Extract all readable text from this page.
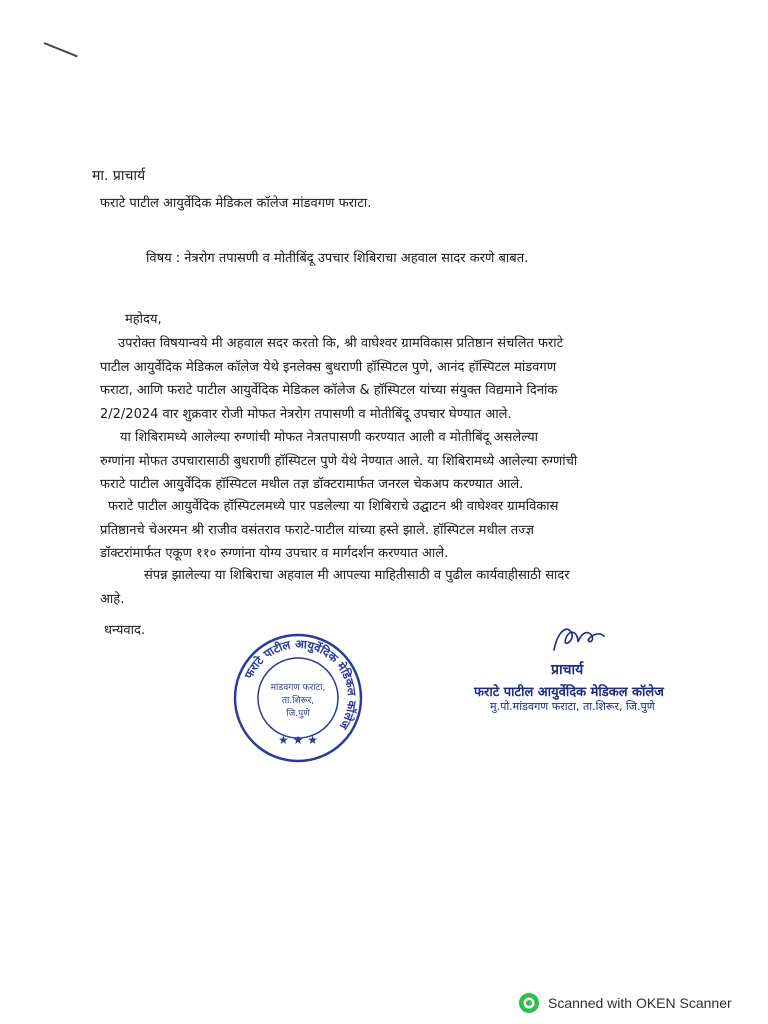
मा. प्राचार्य
फराटे पाटील आयुर्वेदिक मेडिकल कॉलेज मांडवगण फराटा.
विषय : नेत्ररोग तपासणी व मोतीबिंदू उपचार शिबिराचा अहवाल सादर करणे बाबत.
महोदय,
उपरोक्त विषयान्वये मी अहवाल सदर करतो कि, श्री वाघेश्वर ग्रामविकास प्रतिष्ठान संचलित फराटे
पाटील आयुर्वेदिक मेडिकल कॉलेज येथे इनलेक्स बुधराणी हॉस्पिटल पुणे, आनंद हॉस्पिटल मांडवगण
फराटा, आणि फराटे पाटील आयुर्वेदिक मेडिकल कॉलेज & हॉस्पिटल यांच्या संयुक्त विद्यमाने दिनांक
2/2/2024 वार शुक्रवार रोजी मोफत नेत्ररोग तपासणी व मोतीबिंदू उपचार घेण्यात आले.
या शिबिरामध्ये आलेल्या रुग्णांची मोफत नेत्रतपासणी करण्यात आली व मोतीबिंदू असलेल्या
रुग्णांना मोफत उपचारासाठी बुधराणी हॉस्पिटल पुणे येथे नेण्यात आले. या शिबिरामध्ये आलेल्या रुग्णांची
फराटे पाटील आयुर्वेदिक हॉस्पिटल मधील तज्ञ डॉक्टरामार्फत जनरल चेकअप करण्यात आले.
फराटे पाटील आयुर्वेदिक हॉस्पिटलमध्ये पार पडलेल्या या शिबिराचे उद्घाटन श्री वाघेश्वर ग्रामविकास
प्रतिष्ठानचे चेअरमन श्री राजीव वसंतराव फराटे-पाटील यांच्या हस्ते झाले. हॉस्पिटल मधील तज्ज्ञ
डॉक्टरांमार्फत एकूण ११० रुग्णांना योग्य उपचार व मार्गदर्शन करण्यात आले.
संपन्न झालेल्या या शिबिराचा अहवाल मी आपल्या माहितीसाठी व पुढील कार्यवाहीसाठी सादर
आहे.
धन्यवाद.
फराटे पाटील आयुर्वेदिक मेडिकल कॉलेज
मांडवगण फराटा,
ता.शिरूर,
जि.पुणे
★ ★ ★
प्राचार्य
फराटे पाटील आयुर्वेदिक मेडिकल कॉलेज
मु.पो.मांडवगण फराटा, ता.शिरूर, जि.पुणे
Scanned with OKEN Scanner
